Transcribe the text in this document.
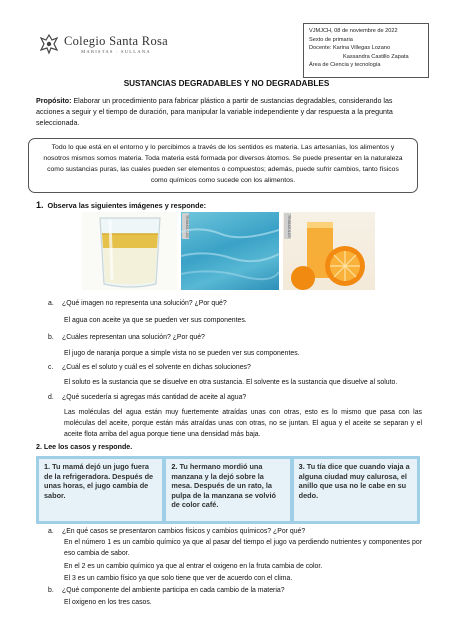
Colegio Santa Rosa
MARISTAS · SULLANA
VJMJCH, 08 de noviembre de 2022
Sexto de primaria
Docente: Karina Villegas Lozano
Kassandra Castillo Zapata
Área de Ciencia y tecnología
SUSTANCIAS DEGRADABLES Y NO DEGRADABLES
Propósito: Elaborar un procedimiento para fabricar plástico a partir de sustancias degradables, considerando las acciones a seguir y el tiempo de duración, para manipular la variable independiente y dar respuesta a la pregunta seleccionada.
Todo lo que está en el entorno y lo percibimos a través de los sentidos es materia. Las artesanías, los alimentos y nosotros mismos somos materia. Toda materia está formada por diversos átomos. Se puede presentar en la naturaleza como sustancias puras, las cuales pueden ser elementos o compuestos; además, puede sufrir cambios, tanto físicos como químicos como sucede con los alimentos.
1. Observa las siguientes imágenes y responde:
TRIÁNGULOS	TRIÁNGULOS
a.	¿Qué imagen no representa una solución? ¿Por qué?
El agua con aceite ya que se pueden ver sus componentes.
b.	¿Cuáles representan una solución? ¿Por qué?
El jugo de naranja porque a simple vista no se pueden ver sus componentes.
c.	¿Cuál es el soluto y cuál es el solvente en dichas soluciones?
El soluto es la sustancia que se disuelve en otra sustancia. El solvente es la sustancia que disuelve al soluto.
d.	¿Qué sucedería si agregas más cantidad de aceite al agua?
Las moléculas del agua están muy fuertemente atraídas unas con otras, esto es lo mismo que pasa con las moléculas del aceite, porque están más atraídas unas con otras, no se juntan. El agua y el aceite se separan y el aceite flota arriba del agua porque tiene una densidad más baja.
2. Lee los casos y responde.
1. Tu mamá dejó un jugo fuera de la refrigeradora. Después de unas horas, el jugo cambia de sabor.
2. Tu hermano mordió una manzana y la dejó sobre la mesa. Después de un rato, la pulpa de la manzana se volvió de color café.
3. Tu tía dice que cuando viaja a alguna ciudad muy calurosa, el anillo que usa no le cabe en su dedo.
a.	¿En qué casos se presentaron cambios físicos y cambios químicos? ¿Por qué?
En el número 1 es un cambio químico ya que al pasar del tiempo el jugo va perdiendo nutrientes y componentes por eso cambia de sabor.
En el 2 es un cambio químico ya que al entrar el oxigeno en la fruta cambia de color.
El 3 es un cambio físico ya que solo tiene que ver de acuerdo con el clima.
b.	¿Qué componente del ambiente participa en cada cambio de la materia?
El oxigeno en los tres casos.
